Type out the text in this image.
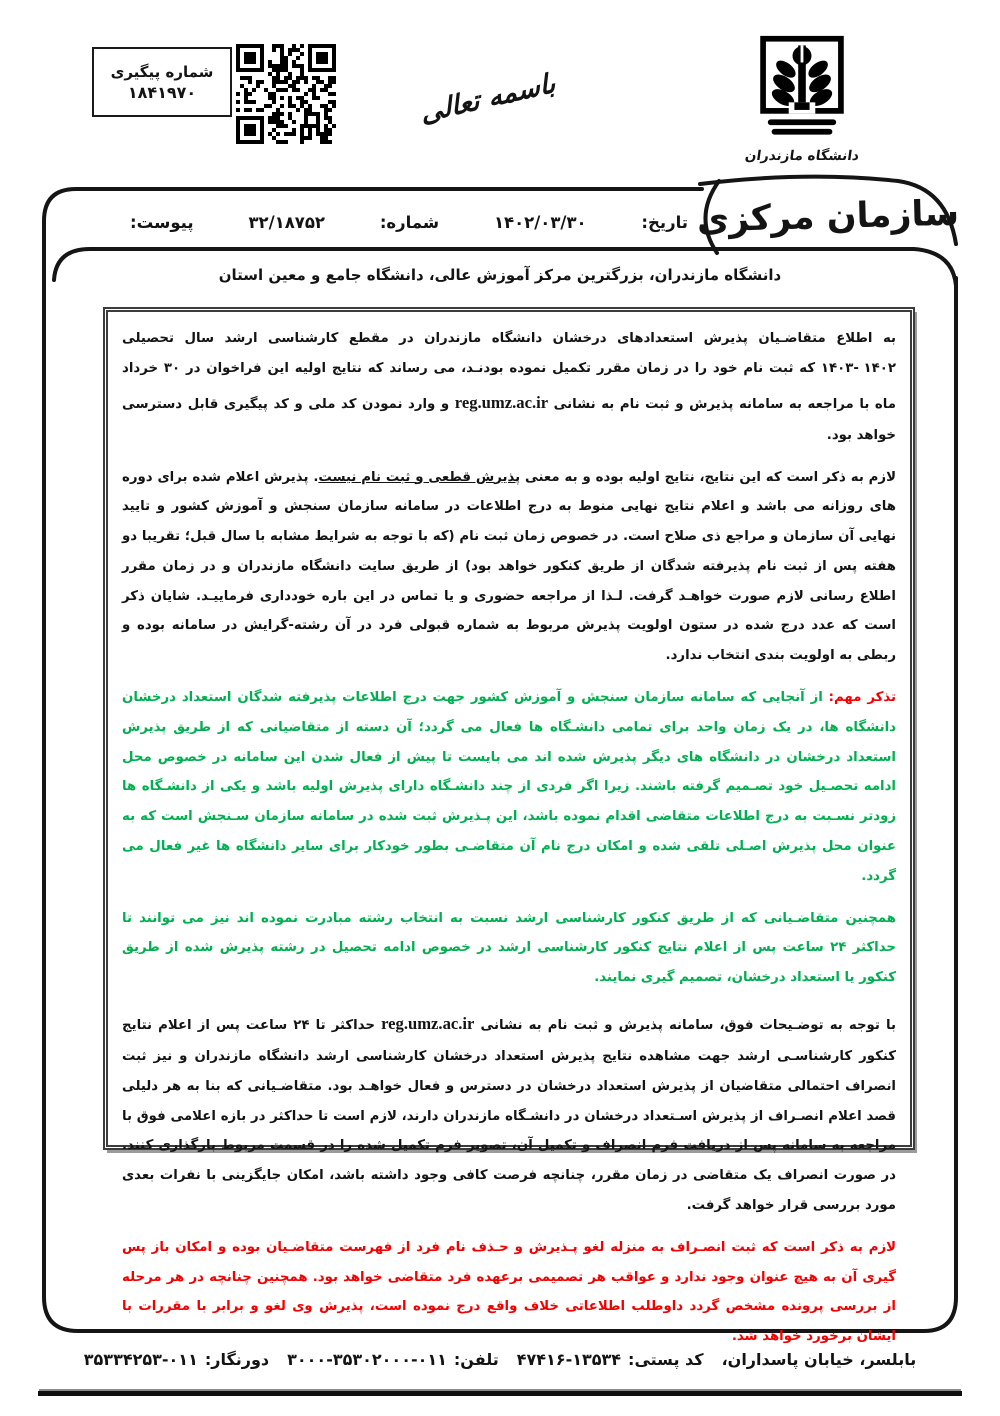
شماره پیگیری
۱۸۴۱۹۷۰	باسمه تعالی
دانشگاه مازندران
سازمان مرکزی
تاریخ:
۱۴۰۲/۰۳/۳۰
شماره:
۳۲/۱۸۷۵۲
پیوست:
دانشگاه مازندران، بزرگترین مرکز آموزش عالی، دانشگاه جامع و معین استان

به اطلاع متقاضـیان پذیرش استعدادهای درخشان دانشگاه مازندران در مقطع کارشناسی ارشد سال تحصیلی ۱۴۰۳- ۱۴۰۲ که ثبت نام خود را در زمان مقرر تکمیل نموده بودنـد، می رساند که نتایج اولیه این فراخوان در ۳۰ خرداد ماه با مراجعه به سامانه پذیرش و ثبت نام به نشانی reg.umz.ac.ir و وارد نمودن کد ملی و کد پیگیری قابل دسترسی خواهد بود.

لازم به ذکر است که این نتایج، نتایج اولیه بوده و به معنی پذیرش قطعی و ثبت نام نیست. پذیرش اعلام شده برای دوره های روزانه می باشد و اعلام نتایج نهایی منوط به درج اطلاعات در سامانه سازمان سنجش و آموزش کشور و تایید نهایی آن سازمان و مراجع ذی صلاح است. در خصوص زمان ثبت نام (که با توجه به شرایط مشابه با سال قبل؛ تقریبا دو هفته پس از ثبت نام پذیرفته شدگان از طریق کنکور خواهد بود) از طریق سایت دانشگاه مازندران و در زمان مقرر اطلاع رسانی لازم صورت خواهـد گرفت. لـذا از مراجعه حضوری و یا تماس در این باره خودداری فرماییـد. شایان ذکر است که عدد درج شده در ستون اولویت پذیرش مربوط به شماره قبولی فرد در آن رشته-گرایش در سامانه بوده و ربطی به اولویت بندی انتخاب ندارد.

تذکر مهم: از آنجایی که سامانه سازمان سنجش و آموزش کشور جهت درج اطلاعات پذیرفته شدگان استعداد درخشان دانشگاه ها، در یک زمان واحد برای تمامی دانشـگاه ها فعال می گردد؛ آن دسته از متقاضیانی که از طریق پذیرش استعداد درخشان در دانشگاه های دیگر پذیرش شده اند می بایست تا پیش از فعال شدن این سامانه در خصوص محل ادامه تحصـیل خود تصـمیم گرفته باشند. زیرا اگر فردی از چند دانشـگاه دارای پذیرش اولیه باشد و یکی از دانشـگاه ها زودتر نسـبت به درج اطلاعات متقاضی اقدام نموده باشد، این پـذیرش ثبت شده در سامانه سازمان سـنجش است که به عنوان محل پذیرش اصـلی تلقی شده و امکان درج نام آن متقاضـی بطور خودکار برای سایر دانشگاه ها غیر فعال می گردد.

همچنین متقاضـیانی که از طریق کنکور کارشناسی ارشد نسبت به انتخاب رشته مبادرت نموده اند نیز می توانند تا حداکثر ۲۴ ساعت پس از اعلام نتایج کنکور کارشناسی ارشد در خصوص ادامه تحصیل در رشته پذیرش شده از طریق کنکور یا استعداد درخشان، تصمیم گیری نمایند.

با توجه به توضـیحات فوق، سامانه پذیرش و ثبت نام به نشانی reg.umz.ac.ir حداکثر تا ۲۴ ساعت پس از اعلام نتایج کنکور کارشناسـی ارشد جهت مشاهده نتایج پذیرش استعداد درخشان کارشناسی ارشد دانشگاه مازندران و نیز ثبت انصراف احتمالی متقاضیان از پذیرش استعداد درخشان در دسترس و فعال خواهـد بود. متقاضـیانی که بنا به هر دلیلی قصد اعلام انصـراف از پذیرش اسـتعداد درخشان در دانشـگاه مازندران دارند، لازم است تا حداکثر در بازه اعلامی فوق با مراجعه به سامانه پس از دریافت فرم انصراف و تکمیل آن، تصویر فرم تکمیل شده را در قسمت مربوط بارگذاری کنند. در صورت انصراف یک متقاضی در زمان مقرر، چنانچه فرصت کافی وجود داشته باشد، امکان جایگزینی با نفرات بعدی مورد بررسی قرار خواهد گرفت.

لازم به ذکر است که ثبت انصـراف به منزله لغو پـذیرش و حـذف نام فرد از فهرست متقاضـیان بوده و امکان باز پس گیری آن به هیچ عنوان وجود ندارد و عواقب هر تصمیمی برعهده فرد متقاضی خواهد بود. همچنین چنانچه در هر مرحله از بررسی پرونده مشخص گردد داوطلب اطلاعاتی خلاف واقع درج نموده است، پذیرش وی لغو و برابر با مقررات با ایشان برخورد خواهد شد.

بابلسر، خیابان پاسداران،
کد پستی:
۴۷۴۱۶-۱۳۵۳۴
تلفن:
۳۰۰۰-۳۵۳۰۲۰۰۰-۰۱۱
دورنگار:
۳۵۳۳۴۲۵۳-۰۱۱
